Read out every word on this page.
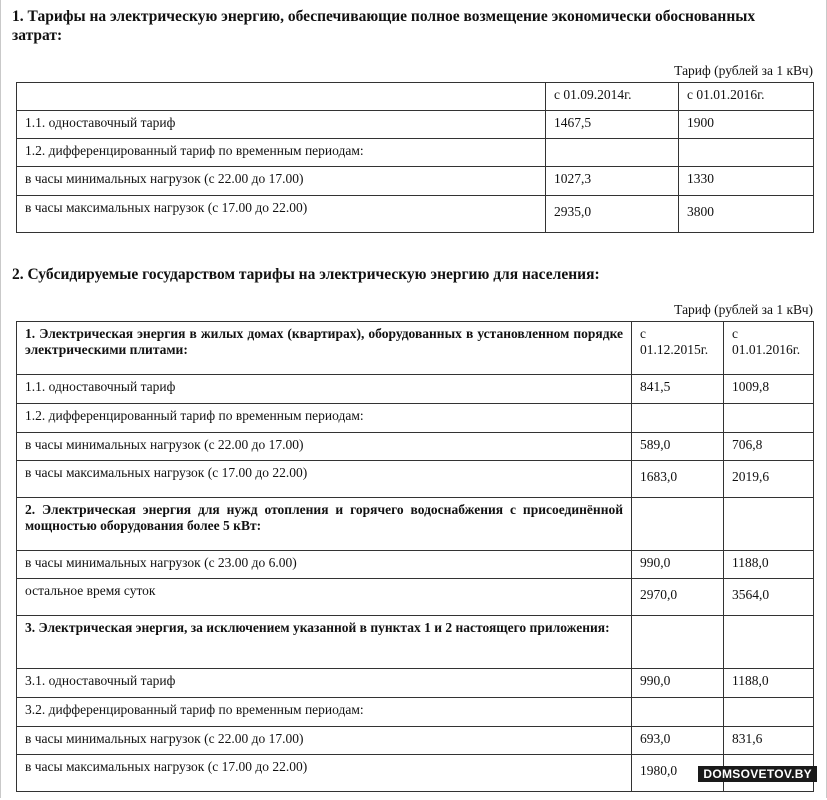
1. Тарифы на электрическую энергию, обеспечивающие полное возмещение экономически обоснованных затрат:
Тариф (рублей за 1 кВч)
	с 01.09.2014г.	с 01.01.2016г.
1.1. одноставочный тариф	1467,5	1900
1.2. дифференцированный тариф по временным периодам:		
в часы минимальных нагрузок (с 22.00 до 17.00)	1027,3	1330
в часы максимальных нагрузок (с 17.00 до 22.00)	2935,0	3800
2. Субсидируемые государством тарифы на электрическую энергию для населения:
Тариф (рублей за 1 кВч)
1. Электрическая энергия в жилых домах (квартирах), оборудованных в установленном порядке электрическими плитами:	с 01.12.2015г.	с 01.01.2016г.
1.1. одноставочный тариф	841,5	1009,8
1.2. дифференцированный тариф по временным периодам:		
в часы минимальных нагрузок (с 22.00 до 17.00)	589,0	706,8
в часы максимальных нагрузок (с 17.00 до 22.00)	1683,0	2019,6
2. Электрическая энергия для нужд отопления и горячего водоснабжения с присоединённой мощностью оборудования более 5 кВт:		
в часы минимальных нагрузок (с 23.00 до 6.00)	990,0	1188,0
остальное время суток	2970,0	3564,0
3. Электрическая энергия, за исключением указанной в пунктах 1 и 2 настоящего приложения:		
3.1. одноставочный тариф	990,0	1188,0
3.2. дифференцированный тариф по временным периодам:		
в часы минимальных нагрузок (с 22.00 до 17.00)	693,0	831,6
в часы максимальных нагрузок (с 17.00 до 22.00)	1980,0		DOMSOVETOV.BY
